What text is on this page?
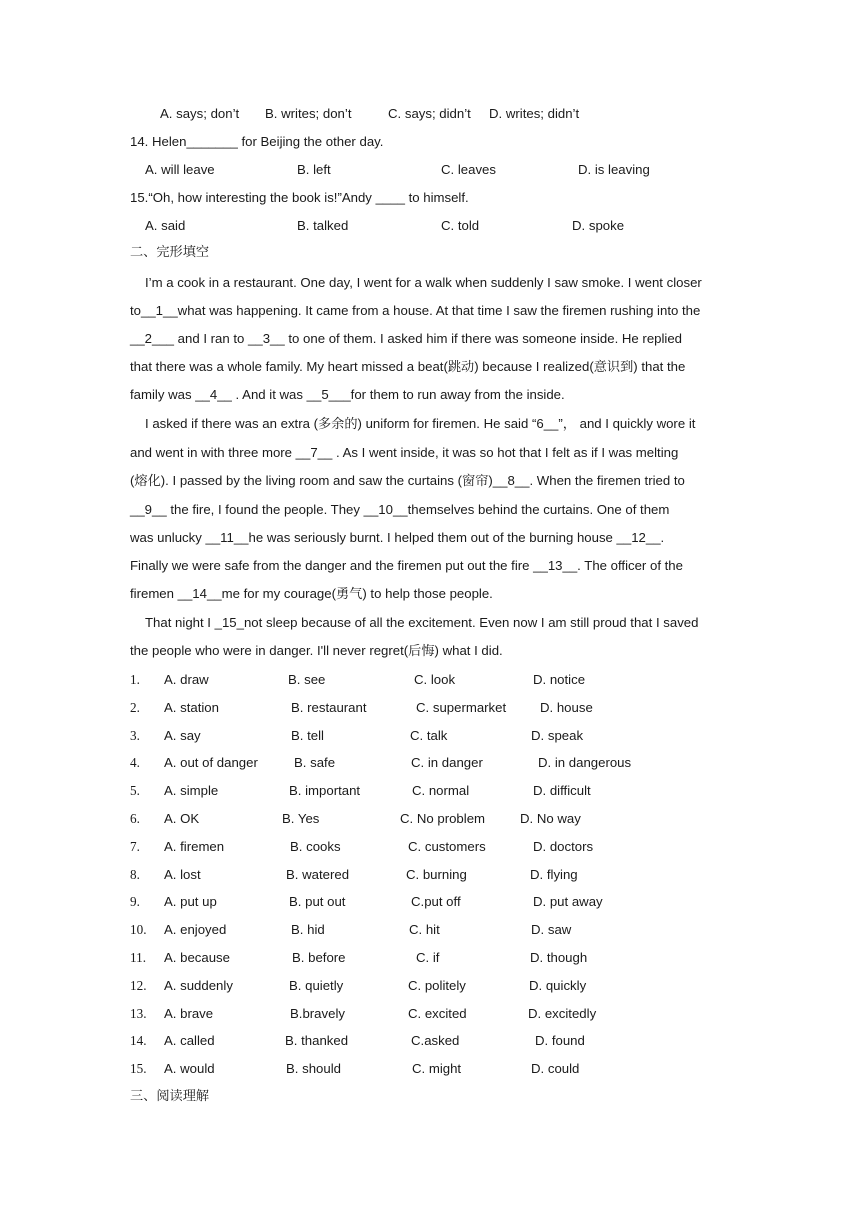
A. says; don’t B. writes; don’t	C. says; didn’t D. writes; didn’t
14. Helen_______ for Beijing the other day.
A. will leave	B. left	C. leaves	D. is leaving
15.“Oh, how interesting the book is!”Andy ____ to himself.
A. said	B. talked	C. told	D. spoke
二、完形填空
I’m a cook in a restaurant. One day, I went for a walk when suddenly I saw smoke. I went closer
to__1__what was happening. It came from a house. At that time I saw the firemen rushing into the
__2___ and I ran to __3__ to one of them. I asked him if there was someone inside. He replied
that there was a whole family. My heart missed a beat(跳动) because I realized(意识到) that the
family was __4__ . And it was __5___for them to run away from the inside.
I asked if there was an extra (多余的) uniform for firemen. He said “6__”， and I quickly wore it
and went in with three more __7__ . As I went inside, it was so hot that I felt as if I was melting
(熔化). I passed by the living room and saw the curtains (窗帘)__8__. When the firemen tried to
__9__ the fire, I found the people. They __10__themselves behind the curtains. One of them
was unlucky __11__he was seriously burnt. I helped them out of the burning house __12__.
Finally we were safe from the danger and the firemen put out the fire __13__. The officer of the
firemen __14__me for my courage(勇气) to help those people.
That night I _15_not sleep because of all the excitement. Even now I am still proud that I saved
the people who were in danger. I'll never regret(后悔) what I did.
1. A. draw	B. see	C. look	D. notice
2. A. station	B. restaurant	C. supermarket	D. house
3. A. say	B. tell	C. talk	D. speak
4. A. out of danger	B. safe	C. in danger	D. in dangerous
5. A. simple	B. important	C. normal	D. difficult
6. A. OK	B. Yes	C. No problem	D. No way
7. A. firemen	B. cooks	C. customers	D. doctors
8. A. lost	B. watered	C. burning	D. flying
9. A. put up	B. put out	C.put off	D. put away
10. A. enjoyed	B. hid	C. hit	D. saw
11. A. because	B. before	C. if	D. though
12. A. suddenly	B. quietly	C. politely	D. quickly
13. A. brave	B.bravely	C. excited	D. excitedly
14. A. called	B. thanked	C.asked	D. found
15. A. would	B. should	C. might	D. could
三、阅读理解
